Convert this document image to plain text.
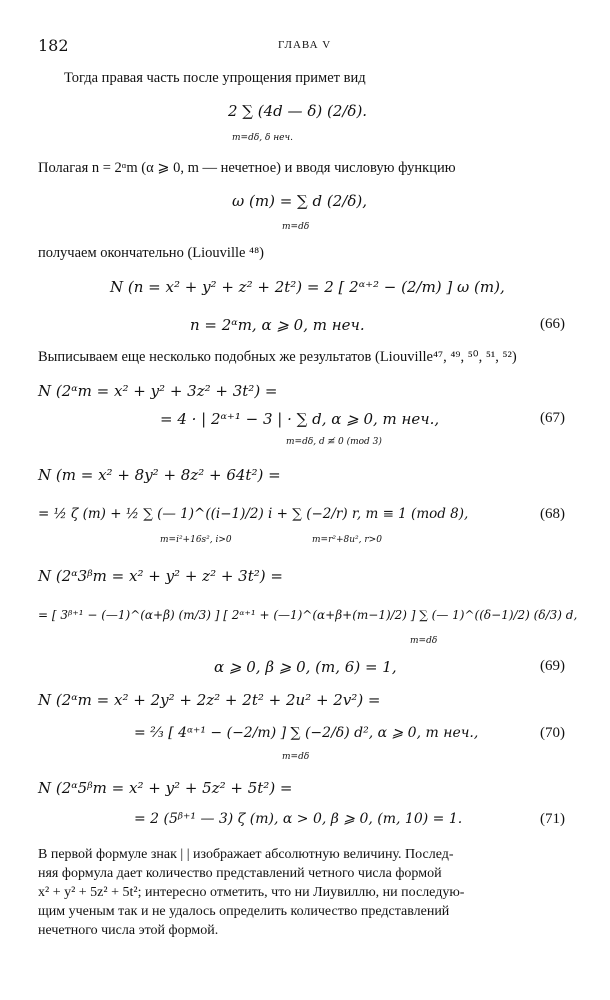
182	ГЛАВА V
Тогда правая часть после упрощения примет вид
2 ∑ (4d — δ) (2/δ).
m=dδ, δ неч.
Полагая n = 2ᵅm (α ⩾ 0, m — нечетное) и вводя числовую функцию
ω (m) = ∑ d (2/δ),
m=dδ
получаем окончательно (Liouville ⁴⁸)
N (n = x² + y² + z² + 2t²) = 2 [ 2ᵅ⁺² − (2/m) ] ω (m),
n = 2ᵅm, α ⩾ 0, m неч.	(66)
Выписываем еще несколько подобных же результатов (Liouville⁴⁷, ⁴⁹, ⁵⁰, ⁵¹, ⁵²)
N (2ᵅm = x² + y² + 3z² + 3t²) =
= 4 · | 2ᵅ⁺¹ − 3 | · ∑ d, α ⩾ 0, m неч.,
m=dδ, d ≢ 0 (mod 3)
(67)
N (m = x² + 8y² + 8z² + 64t²) =
= ½ ζ (m) + ½ ∑ (— 1)^((i−1)/2) i + ∑ (−2/r) r, m ≡ 1 (mod 8),
m=i²+16s², i>0	m=r²+8u², r>0
(68)
N (2ᵅ3ᵝm = x² + y² + z² + 3t²) =
= [ 3ᵝ⁺¹ − (—1)^(α+β) (m/3) ] [ 2ᵅ⁺¹ + (—1)^(α+β+(m−1)/2) ] ∑ (— 1)^((δ−1)/2) (δ/3) d,
m=dδ
α ⩾ 0, β ⩾ 0, (m, 6) = 1,	(69)
N (2ᵅm = x² + 2y² + 2z² + 2t² + 2u² + 2v²) =
= ⅔ [ 4ᵅ⁺¹ − (−2/m) ] ∑ (−2/δ) d², α ⩾ 0, m неч.,
m=dδ
(70)
N (2ᵅ5ᵝm = x² + y² + 5z² + 5t²) =
= 2 (5ᵝ⁺¹ — 3) ζ (m), α > 0, β ⩾ 0, (m, 10) = 1.	(71)
В первой формуле знак | | изображает абсолютную величину. Послед-
няя формула дает количество представлений четного числа формой
x² + y² + 5z² + 5t²; интересно отметить, что ни Лиувиллю, ни последую-
щим ученым так и не удалось определить количество представлений
нечетного числа этой формой.
